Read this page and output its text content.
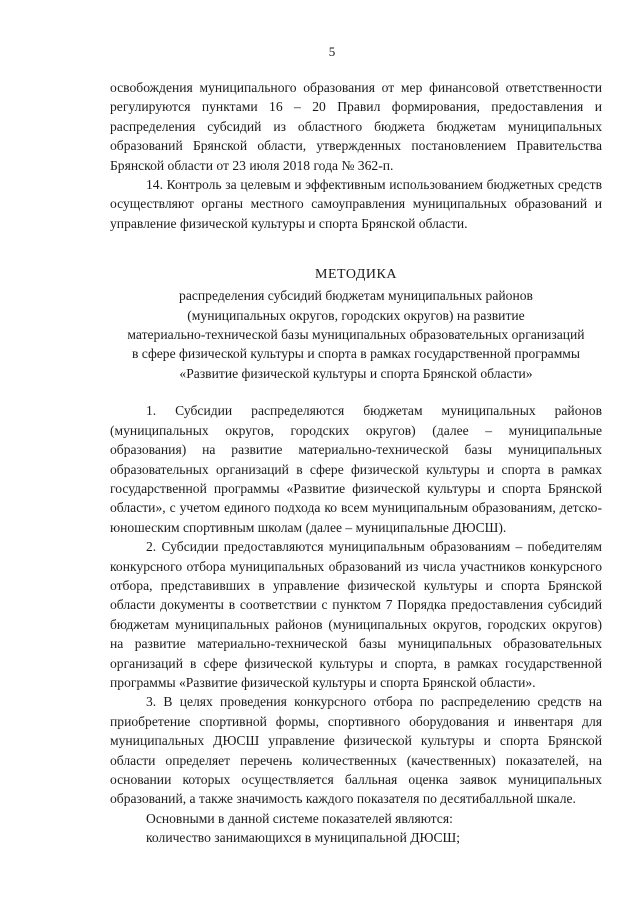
5

освобождения муниципального образования от мер финансовой ответственности регулируются пунктами 16 – 20 Правил формирования, предоставления и распределения субсидий из областного бюджета бюджетам муниципальных образований Брянской области, утвержденных постановлением Правительства Брянской области от 23 июля 2018 года № 362-п.

14. Контроль за целевым и эффективным использованием бюджетных средств осуществляют органы местного самоуправления муниципальных образований и управление физической культуры и спорта Брянской области.

МЕТОДИКА

распределения субсидий бюджетам муниципальных районов

(муниципальных округов, городских округов) на развитие

материально-технической базы муниципальных образовательных организаций

в сфере физической культуры и спорта в рамках государственной программы

«Развитие физической культуры и спорта Брянской области»

1. Субсидии распределяются бюджетам муниципальных районов (муниципальных округов, городских округов) (далее – муниципальные образования) на развитие материально-технической базы муниципальных образовательных организаций в сфере физической культуры и спорта в рамках государственной программы «Развитие физической культуры и спорта Брянской области», с учетом единого подхода ко всем муниципальным образованиям, детско-юношеским спортивным школам (далее – муниципальные ДЮСШ).

2. Субсидии предоставляются муниципальным образованиям – победителям конкурсного отбора муниципальных образований из числа участников конкурсного отбора, представивших в управление физической культуры и спорта Брянской области документы в соответствии с пунктом 7 Порядка предоставления субсидий бюджетам муниципальных районов (муниципальных округов, городских округов) на развитие материально-технической базы муниципальных образовательных организаций в сфере физической культуры и спорта, в рамках государственной программы «Развитие физической культуры и спорта Брянской области».

3. В целях проведения конкурсного отбора по распределению средств на приобретение спортивной формы, спортивного оборудования и инвентаря для муниципальных ДЮСШ управление физической культуры и спорта Брянской области определяет перечень количественных (качественных) показателей, на основании которых осуществляется балльная оценка заявок муниципальных образований, а также значимость каждого показателя по десятибалльной шкале.

Основными в данной системе показателей являются:

количество занимающихся в муниципальной ДЮСШ;
